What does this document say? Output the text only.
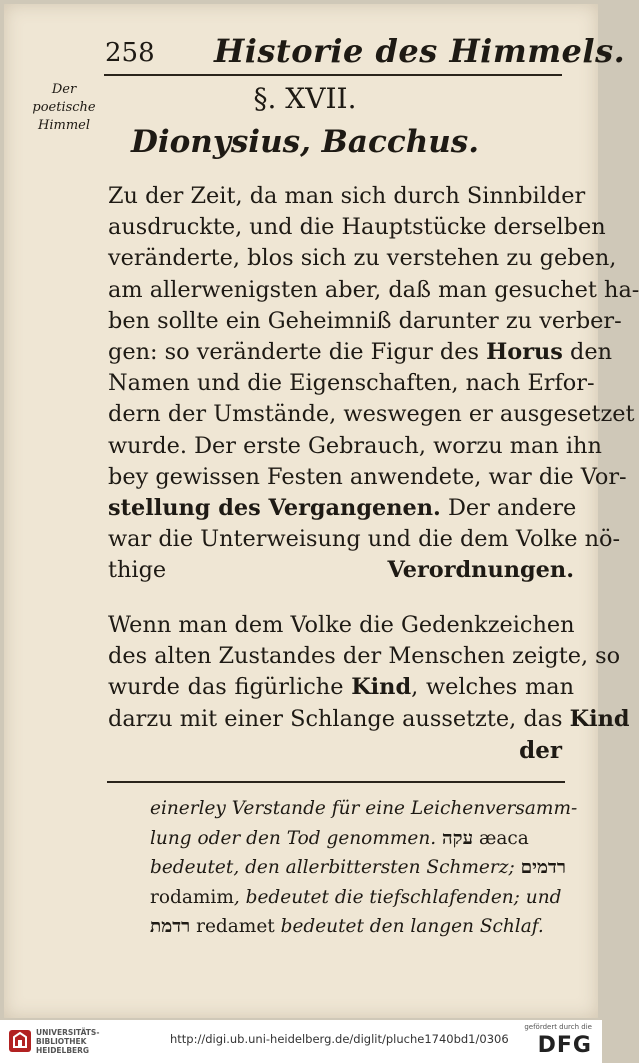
258 Historie des Himmels.
Der
poetische
Himmel
§. XVII.
Dionysius, Bacchus.

Zu der Zeit, da man sich durch Sinnbilder
ausdruckte, und die Hauptstücke derselben
veränderte, blos sich zu verstehen zu geben,
am allerwenigsten aber, daß man gesuchet ha-
ben sollte ein Geheimniß darunter zu verber-
gen: so veränderte die Figur des Horus den
Namen und die Eigenschaften, nach Erfor-
dern der Umstände, weswegen er ausgesetzet
wurde. Der erste Gebrauch, worzu man ihn
bey gewissen Festen anwendete, war die Vor-
stellung des Vergangenen. Der andere
war die Unterweisung und die dem Volke nö-
thige Verordnungen.

Wenn man dem Volke die Gedenkzeichen
des alten Zustandes der Menschen zeigte, so
wurde das figürliche Kind, welches man
darzu mit einer Schlange aussetzte, das Kind

der
einerley Verstande für eine Leichenversamm-
lung oder den Tod genommen. עקה æaca
bedeutet, den allerbittersten Schmerz; רדמים
rodamim, bedeutet die tiefschlafenden; und
רדמת redamet bedeutet den langen Schlaf.
UNIVERSITÄTS-
BIBLIOTHEK
HEIDELBERG
http://digi.ub.uni-heidelberg.de/diglit/pluche1740bd1/0306
gefördert durch die
DFG
